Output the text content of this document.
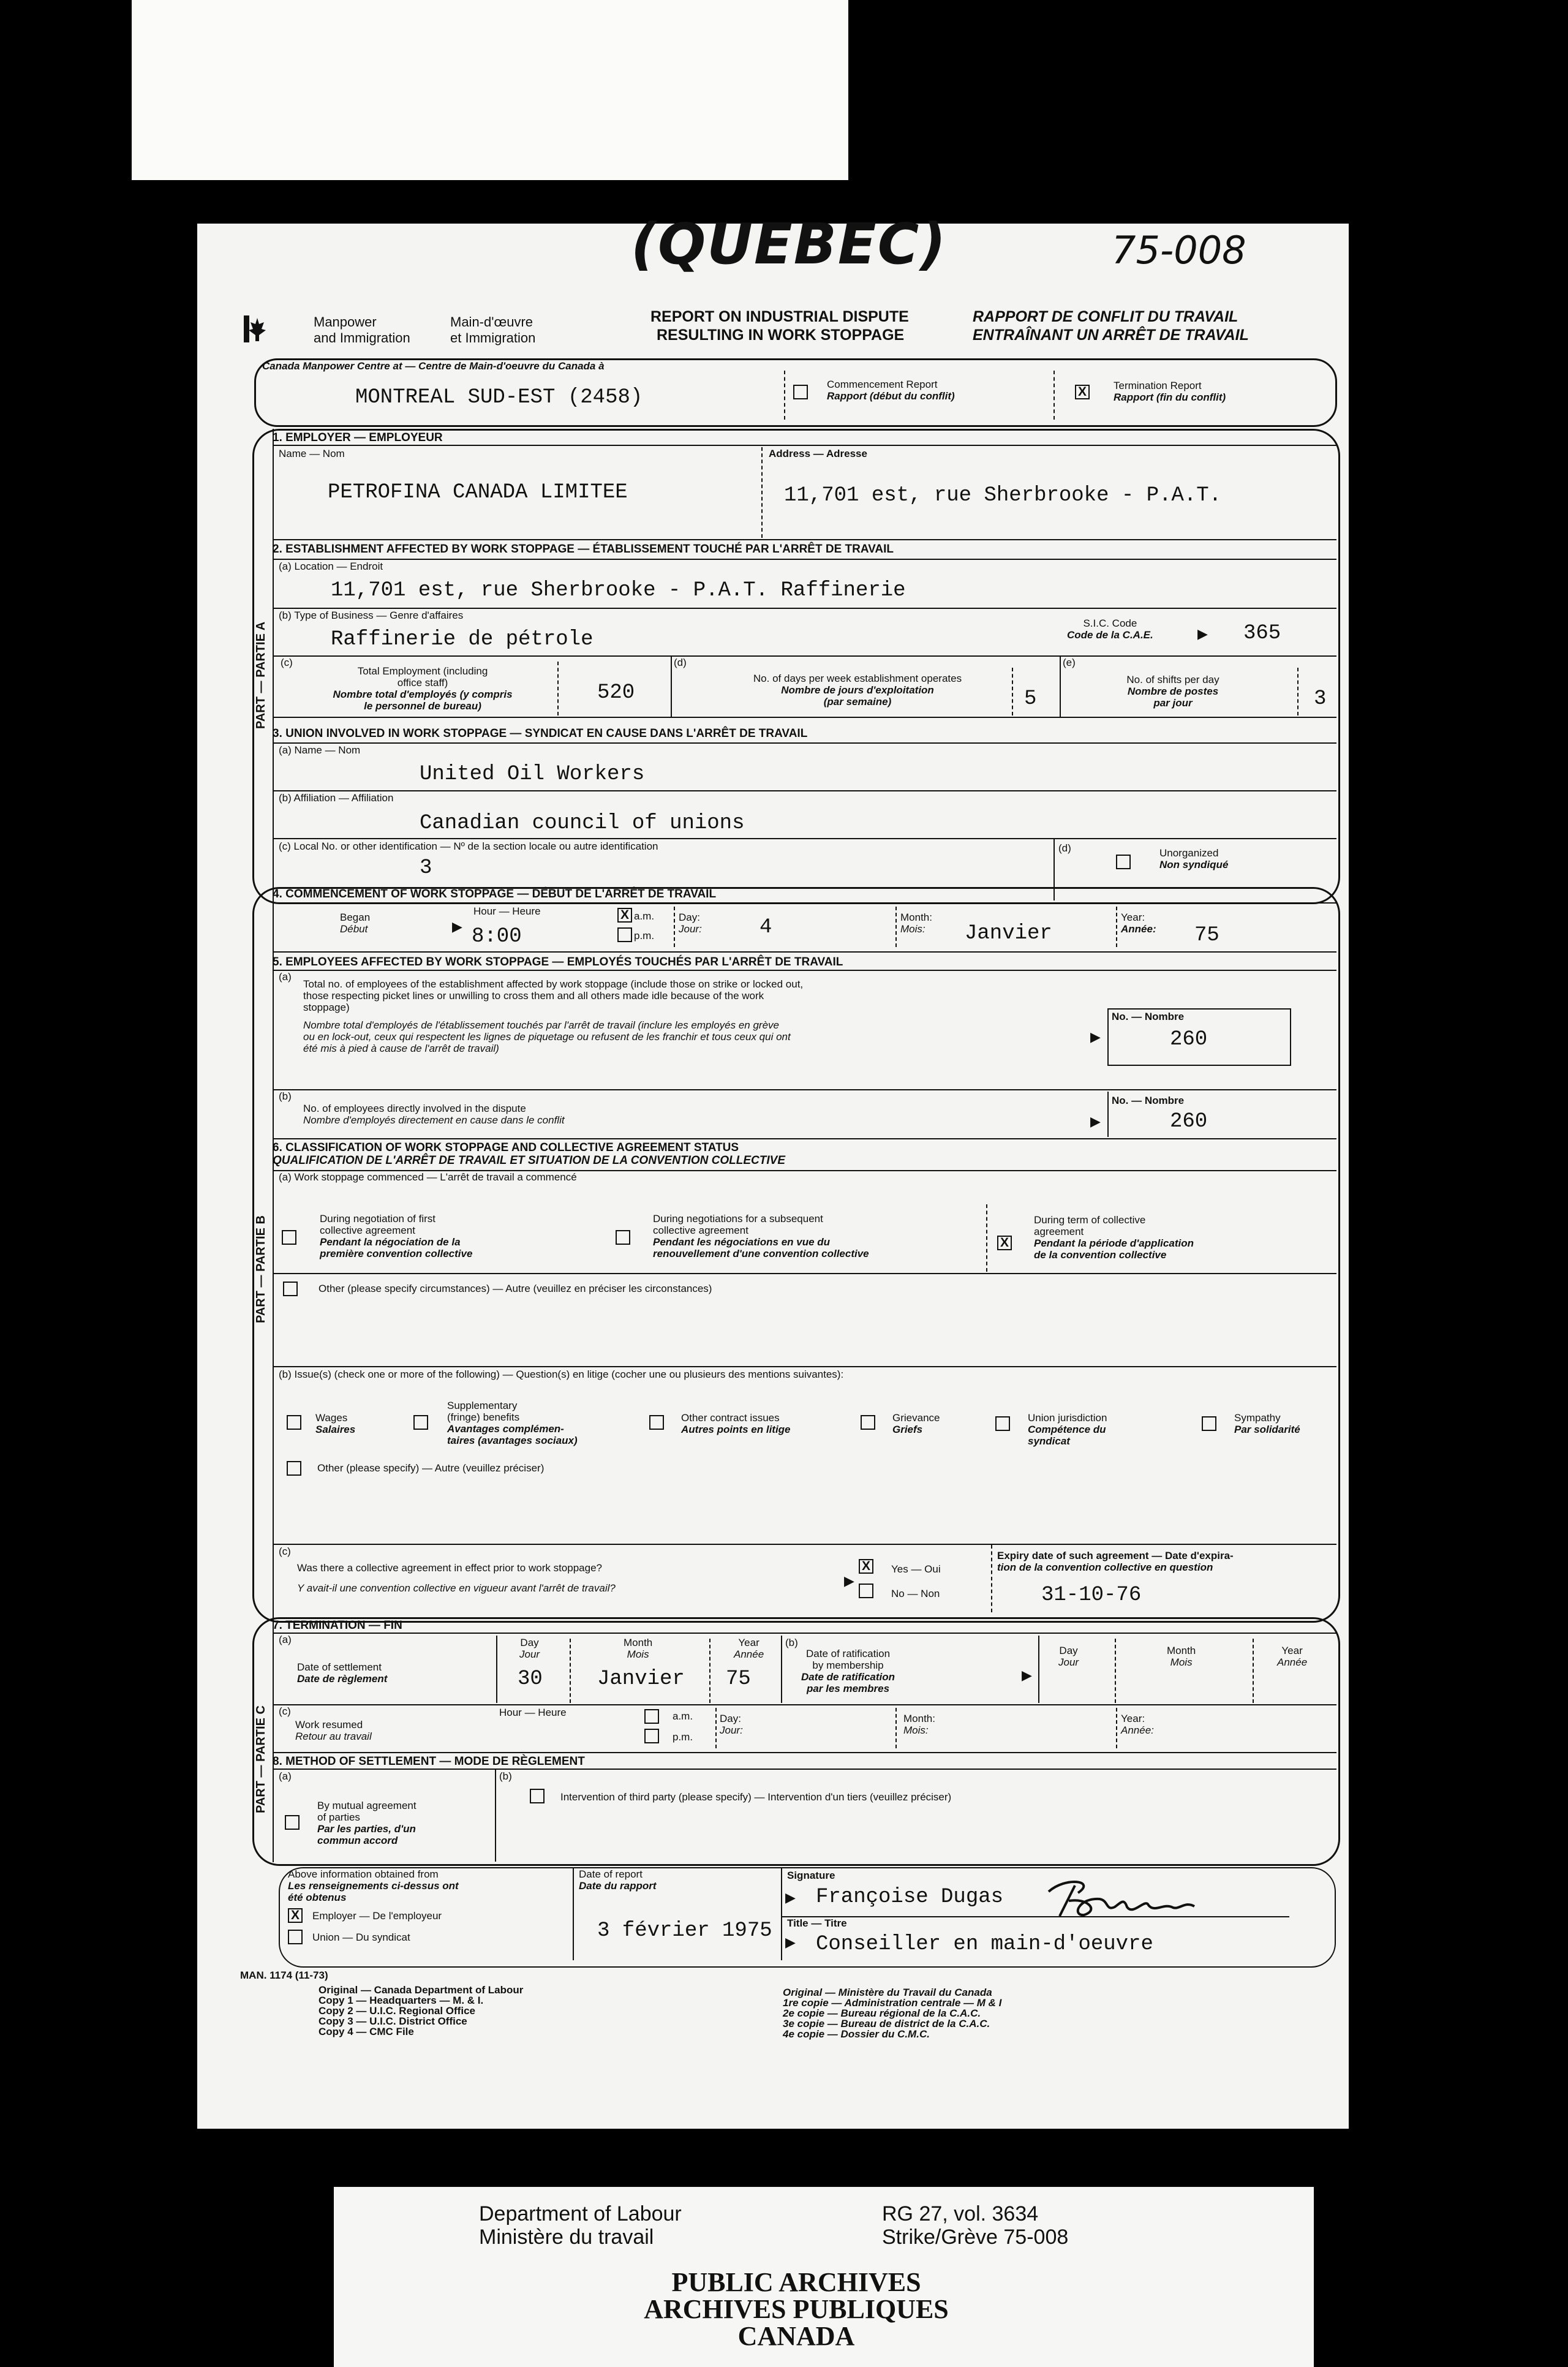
(QUEBEC)	75-008
Manpower
and Immigration
Main-d'œuvre
et Immigration
REPORT ON INDUSTRIAL DISPUTE
RESULTING IN WORK STOPPAGE
RAPPORT DE CONFLIT DU TRAVAIL
ENTRAÎNANT UN ARRÊT DE TRAVAIL
Canada Manpower Centre at — Centre de Main-d'oeuvre du Canada à
MONTREAL SUD-EST (2458)
Commencement Report
Rapport (début du conflit)	X	Termination Report
Rapport (fin du conflit)
PART — PARTIE A
1. EMPLOYER — EMPLOYEUR
Name — Nom
PETROFINA CANADA LIMITEE
Address — Adresse
11,701 est, rue Sherbrooke - P.A.T.
2. ESTABLISHMENT AFFECTED BY WORK STOPPAGE — ÉTABLISSEMENT TOUCHÉ PAR L'ARRÊT DE TRAVAIL
(a) Location — Endroit
11,701 est, rue Sherbrooke - P.A.T. Raffinerie
(b) Type of Business — Genre d'affaires
Raffinerie de pétrole
S.I.C. Code
Code de la C.A.E.	▶ 365
(c)
Total Employment (including
office staff)
Nombre total d'employés (y compris
le personnel de bureau)
520
(d)
No. of days per week establishment operates
Nombre de jours d'exploitation
(par semaine)	5
(e)
No. of shifts per day
Nombre de postes
par jour	3
3. UNION INVOLVED IN WORK STOPPAGE — SYNDICAT EN CAUSE DANS L'ARRÊT DE TRAVAIL
(a) Name — Nom
United Oil Workers
(b) Affiliation — Affiliation
Canadian council of unions
(c) Local No. or other identification — Nº de la section locale ou autre identification
3
(d)	Unorganized
Non syndiqué
PART — PARTIE B
4. COMMENCEMENT OF WORK STOPPAGE — DÉBUT DE L'ARRÊT DE TRAVAIL
Began
Début	▶
Hour — Heure
8:00
X a.m.
p.m.
Day:
Jour:	4	Month:
Mois:	Janvier
Year:
Année: 75
5. EMPLOYEES AFFECTED BY WORK STOPPAGE — EMPLOYÉS TOUCHÉS PAR L'ARRÊT DE TRAVAIL
(a)
Total no. of employees of the establishment affected by work stoppage (include those on strike or locked out,
those respecting picket lines or unwilling to cross them and all others made idle because of the work
stoppage)
Nombre total d'employés de l'établissement touchés par l'arrêt de travail (inclure les employés en grève
ou en lock-out, ceux qui respectent les lignes de piquetage ou refusent de les franchir et tous ceux qui ont
été mis à pied à cause de l'arrêt de travail)
▶
No. — Nombre
260
(b)
No. of employees directly involved in the dispute
Nombre d'employés directement en cause dans le conflit	▶
No. — Nombre
260
6. CLASSIFICATION OF WORK STOPPAGE AND COLLECTIVE AGREEMENT STATUS
QUALIFICATION DE L'ARRÊT DE TRAVAIL ET SITUATION DE LA CONVENTION COLLECTIVE
(a) Work stoppage commenced — L'arrêt de travail a commencé
During negotiation of first
collective agreement
Pendant la négociation de la
première convention collective
During negotiations for a subsequent
collective agreement
Pendant les négociations en vue du
renouvellement d'une convention collective
X
During term of collective
agreement
Pendant la période d'application
de la convention collective
Other (please specify circumstances) — Autre (veuillez en préciser les circonstances)
(b) Issue(s) (check one or more of the following) — Question(s) en litige (cocher une ou plusieurs des mentions suivantes):
Wages
Salaires
Supplementary
(fringe) benefits
Avantages complémen-
taires (avantages sociaux)
Other contract issues
Autres points en litige
Grievance
Griefs
Union jurisdiction
Compétence du
syndicat
Sympathy
Par solidarité
Other (please specify) — Autre (veuillez préciser)
(c)
Was there a collective agreement in effect prior to work stoppage?
Y avait-il une convention collective en vigueur avant l'arrêt de travail?	▶
X Yes — Oui
No — Non
Expiry date of such agreement — Date d'expira-
tion de la convention collective en question
31-10-76
PART — PARTIE C
7. TERMINATION — FIN
(a)
Date of settlement
Date de règlement
Day
Jour
30
Month
Mois
Janvier
Year
Année
75
(b)
Date of ratification
by membership
Date de ratification
par les membres
▶
Day
Jour
Month
Mois
Year
Année
(c)
Work resumed
Retour au travail
Hour — Heure	a.m.
p.m.
Day:
Jour:
Month:
Mois:
Year:
Année:
8. METHOD OF SETTLEMENT — MODE DE RÈGLEMENT
(a)
By mutual agreement
of parties
Par les parties, d'un
commun accord
(b)
Intervention of third party (please specify) — Intervention d'un tiers (veuillez préciser)
Above information obtained from
Les renseignements ci-dessus ont
été obtenus
X Employer — De l'employeur
Union — Du syndicat
Date of report
Date du rapport
3 février 1975
Signature
▶ Françoise Dugas
Title — Titre
▶ Conseiller en main-d'oeuvre
MAN. 1174 (11-73)
Original — Canada Department of Labour
Copy 1 — Headquarters — M. & I.
Copy 2 — U.I.C. Regional Office
Copy 3 — U.I.C. District Office
Copy 4 — CMC File
Original — Ministère du Travail du Canada
1re copie — Administration centrale — M & I
2e copie — Bureau régional de la C.A.C.
3e copie — Bureau de district de la C.A.C.
4e copie — Dossier du C.M.C.
Department of Labour
Ministère du travail
RG 27, vol. 3634
Strike/Grève 75-008
PUBLIC ARCHIVES
ARCHIVES PUBLIQUES
CANADA
